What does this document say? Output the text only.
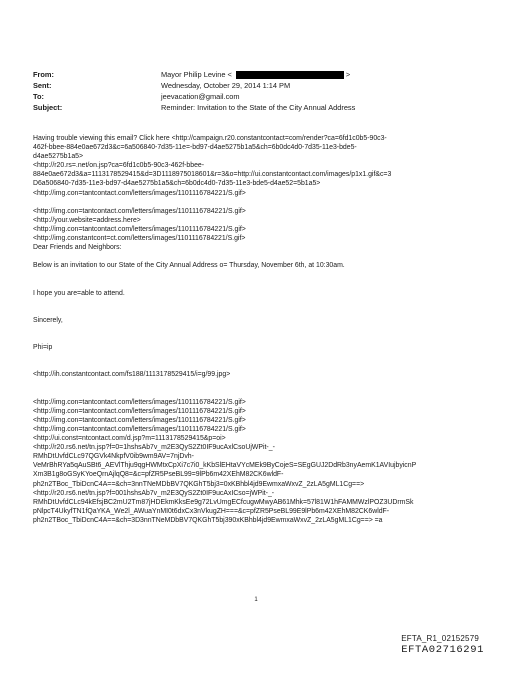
From:	Mayor Philip Levine <	>
Sent:	Wednesday, October 29, 2014 1:14 PM
To:	jeevacation@gmail.com
Subject:	Reminder: Invitation to the State of the City Annual Address
Having trouble viewing this email? Click here <http://campaign.r20.constantcontact=com/render?ca=6fd1c0b5-90c3-
462f-bbee-884e0ae672d3&c=6a506840-7d35-11e=-bd97-d4ae5275b1a5&ch=6b0dc4d0-7d35-11e3-bde5-
d4ae5275b1a5>
<http://r20.rs=.net/on.jsp?ca=6fd1c0b5-90c3-462f-bbee-
884e0ae672d3&a=1113178529415&d=3D1118975018601&r=3&o=http://ui.constantcontact.com/images/p1x1.gif&c=3
D6a506840-7d35-11e3-bd97-d4ae5275b1a5&ch=6b0dc4d0-7d35-11e3-bde5-d4ae52=5b1a5>
<http://img.con=tantcontact.com/letters/images/1101116784221/S.gif>
<http://img.con=tantcontact.com/letters/images/1101116784221/S.gif>
<http://your.website=address.here>
<http://img.con=tantcontact.com/letters/images/1101116784221/S.gif>
<http://img.constantcont=ct.com/letters/images/1101116784221/S.gif>
Dear Friends and Neighbors:
Below is an invitation to our State of the City Annual Address o= Thursday, November 6th, at 10:30am.
I hope you are=able to attend.
Sincerely,
Phi=ip
<http://ih.constantcontact.com/fs188/1113178529415/i=g/99.jpg>
<http://img.con=tantcontact.com/letters/images/1101116784221/S.gif>
<http://img.con=tantcontact.com/letters/images/1101116784221/S.gif>
<http://img.con=tantcontact.com/letters/images/1101116784221/S.gif>
<http://img.con=tantcontact.com/letters/images/1101116784221/S.gif>
<http://ui.const=ntcontact.com/d.jsp?m=1113178529415&p=oi>
<http://r20.rs6.net/tn.jsp?f=0=1hshsAb7v_m2E3QyS2Zt0IF9ucAxlCsoUjWPit-_-
RMhDtUvfdCLc97QGVk4NkpfV0ib9wm9AV=7njDvh-
VeMrBhRYa5qAuSBt6_AEVlThju9qgHWMtxCpXi7c7i0_kKbSlEHtaVYcMEk9ByCojeS=SEgGUJ2DdRb3nyAemK1AVIujbyicnP
Xm3B1g8oGSyKYoeQrnAjlqQ8=&c=pfZR5PseBL99=9lPb6m42XEhM82CK6wldF-
ph2n2TBoc_TbiDcnC4A==&ch=3nnTNeMDbBV7QKGhT5bj3=0xKBhbl4jd9EwmxaWxvZ_2zLA5gML1Cg==>
<http://r20.rs6.net/tn.jsp?f=001hshsAb7v_m2E3QyS2Zt0IF9ucAxICso=jWPit-_-
RMhDtUvfdCLc94kEfsjBC2mU2Tm87jHDEkmKksEe9g72LvUmgECfcugwMwyAB61Mhk=57l81W1hFAMMWzlPOZ3UDrmSk
pNlpcT4UkyfTN1fQaYKA_We2l_AWuaYnMI0t6dxCx3nVkugZH===&c=pfZR5PseBL99E9lPb6m42XEhM82CK6wldF-
ph2n2TBoc_TbiDcnC4A==&ch=3D3nnTNeMDbBV7QKGhT5bj390xKBhbl4jd9EwmxaWxvZ_2zLA5gML1Cg==> =a
1
EFTA_R1_02152579
EFTA02716291
